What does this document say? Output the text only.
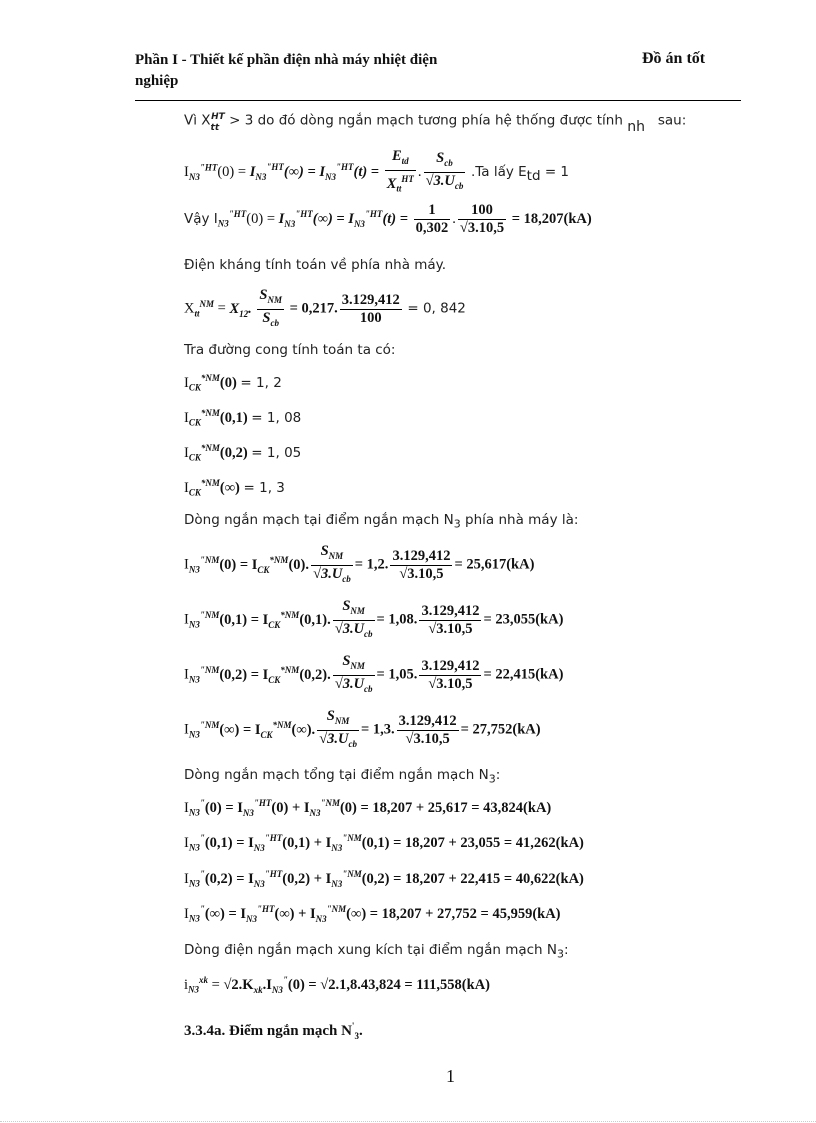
Phần I - Thiết kế phần điện nhà máy nhiệt điện
nghiệp
Đồ án tốt
Vì $X_{tt}^{HT} > 3$ do đó dòng ngắn mạch tương phía hệ thống được tính nh sau:
$I_{N3}^{"HT}(0) = I_{N3}^{"HT}(\infty) = I_{N3}^{"HT}(t) = \frac{E_{td}}{X_{tt}^{HT}}$ . $\frac{S_{cb}}{√3.U_{cb}} .Ta$ lấy $E_{td} = 1$
Vậy $I_{N3}^{"HT}(0) = I_{N3}^{"HT}(\infty) = I_{N3}^{"HT}(t) = \frac{1}{0,302}$ . $\frac{100}{√3.10,5} = 18,207(kA)$
Điện kháng tính toán về phía nhà máy.
$X_{tt}^{NM} = X_{12}$. $\frac{S_{NM}}{S_{cb}} = 0,217$. $\frac{3.129,412}{100} = 0$, 842
Tra đường cong tính toán ta có:
$I_{CK}^{*NM}(0) = 1$, 2
$I_{CK}^{*NM}(0,1) = 1$, 08
$I_{CK}^{*NM}(0,2) = 1$, 05
$I_{CK}^{*NM}(\infty) = 1$, 3
Dòng ngắn mạch tại điểm ngắn mạch $N_3$ phía nhà máy là:
$I_{N3}^{"NM}(0) = I_{CK}^{*NM}(0)$. $\frac{S_{NM}}{√3.U_{cb}} = 1,2$. $\frac{3.129,412}{√3.10,5} = 25,617(kA)$
$I_{N3}^{"NM}(0,1) = I_{CK}^{*NM}(0,1)$. $\frac{S_{NM}}{√3.U_{cb}} = 1,08$. $\frac{3.129,412}{√3.10,5} = 23,055(kA)$
$I_{N3}^{"NM}(0,2) = I_{CK}^{*NM}(0,2)$. $\frac{S_{NM}}{√3.U_{cb}} = 1,05$. $\frac{3.129,412}{√3.10,5} = 22,415(kA)$
$I_{N3}^{"NM}(\infty) = I_{CK}^{*NM}(\infty)$. $\frac{S_{NM}}{√3.U_{cb}} = 1,3$. $\frac{3.129,412}{√3.10,5} = 27,752(kA)$
Dòng ngắn mạch tổng tại điểm ngắn mạch $N_3$:
$I_{N3}^"(0) = I_{N3}^{"HT}(0) + I_{N3}^{"NM}(0) = 18,207 + 25,617 = 43,824(kA)$
$I_{N3}^"(0,1) = I_{N3}^{"HT}(0,1) + I_{N3}^{"NM}(0,1) = 18,207 + 23,055 = 41,262(kA)$
$I_{N3}^"(0,2) = I_{N3}^{"HT}(0,2) + I_{N3}^{"NM}(0,2) = 18,207 + 22,415 = 40,622(kA)$
$I_{N3}^"(\infty) = I_{N3}^{"HT}(\infty) + I_{N3}^{"NM}(\infty) = 18,207 + 27,752 = 45,959(kA)$
Dòng điện ngắn mạch xung kích tại điểm ngắn mạch $N_3$:
$i_{N3}^{xk} = √2.K_{xk}.I_{N3}^"(0) = √2.1,8.43,824 = 111,558(kA)$
3.3.4a. Điểm ngắn mạch $N'_3$.
1
